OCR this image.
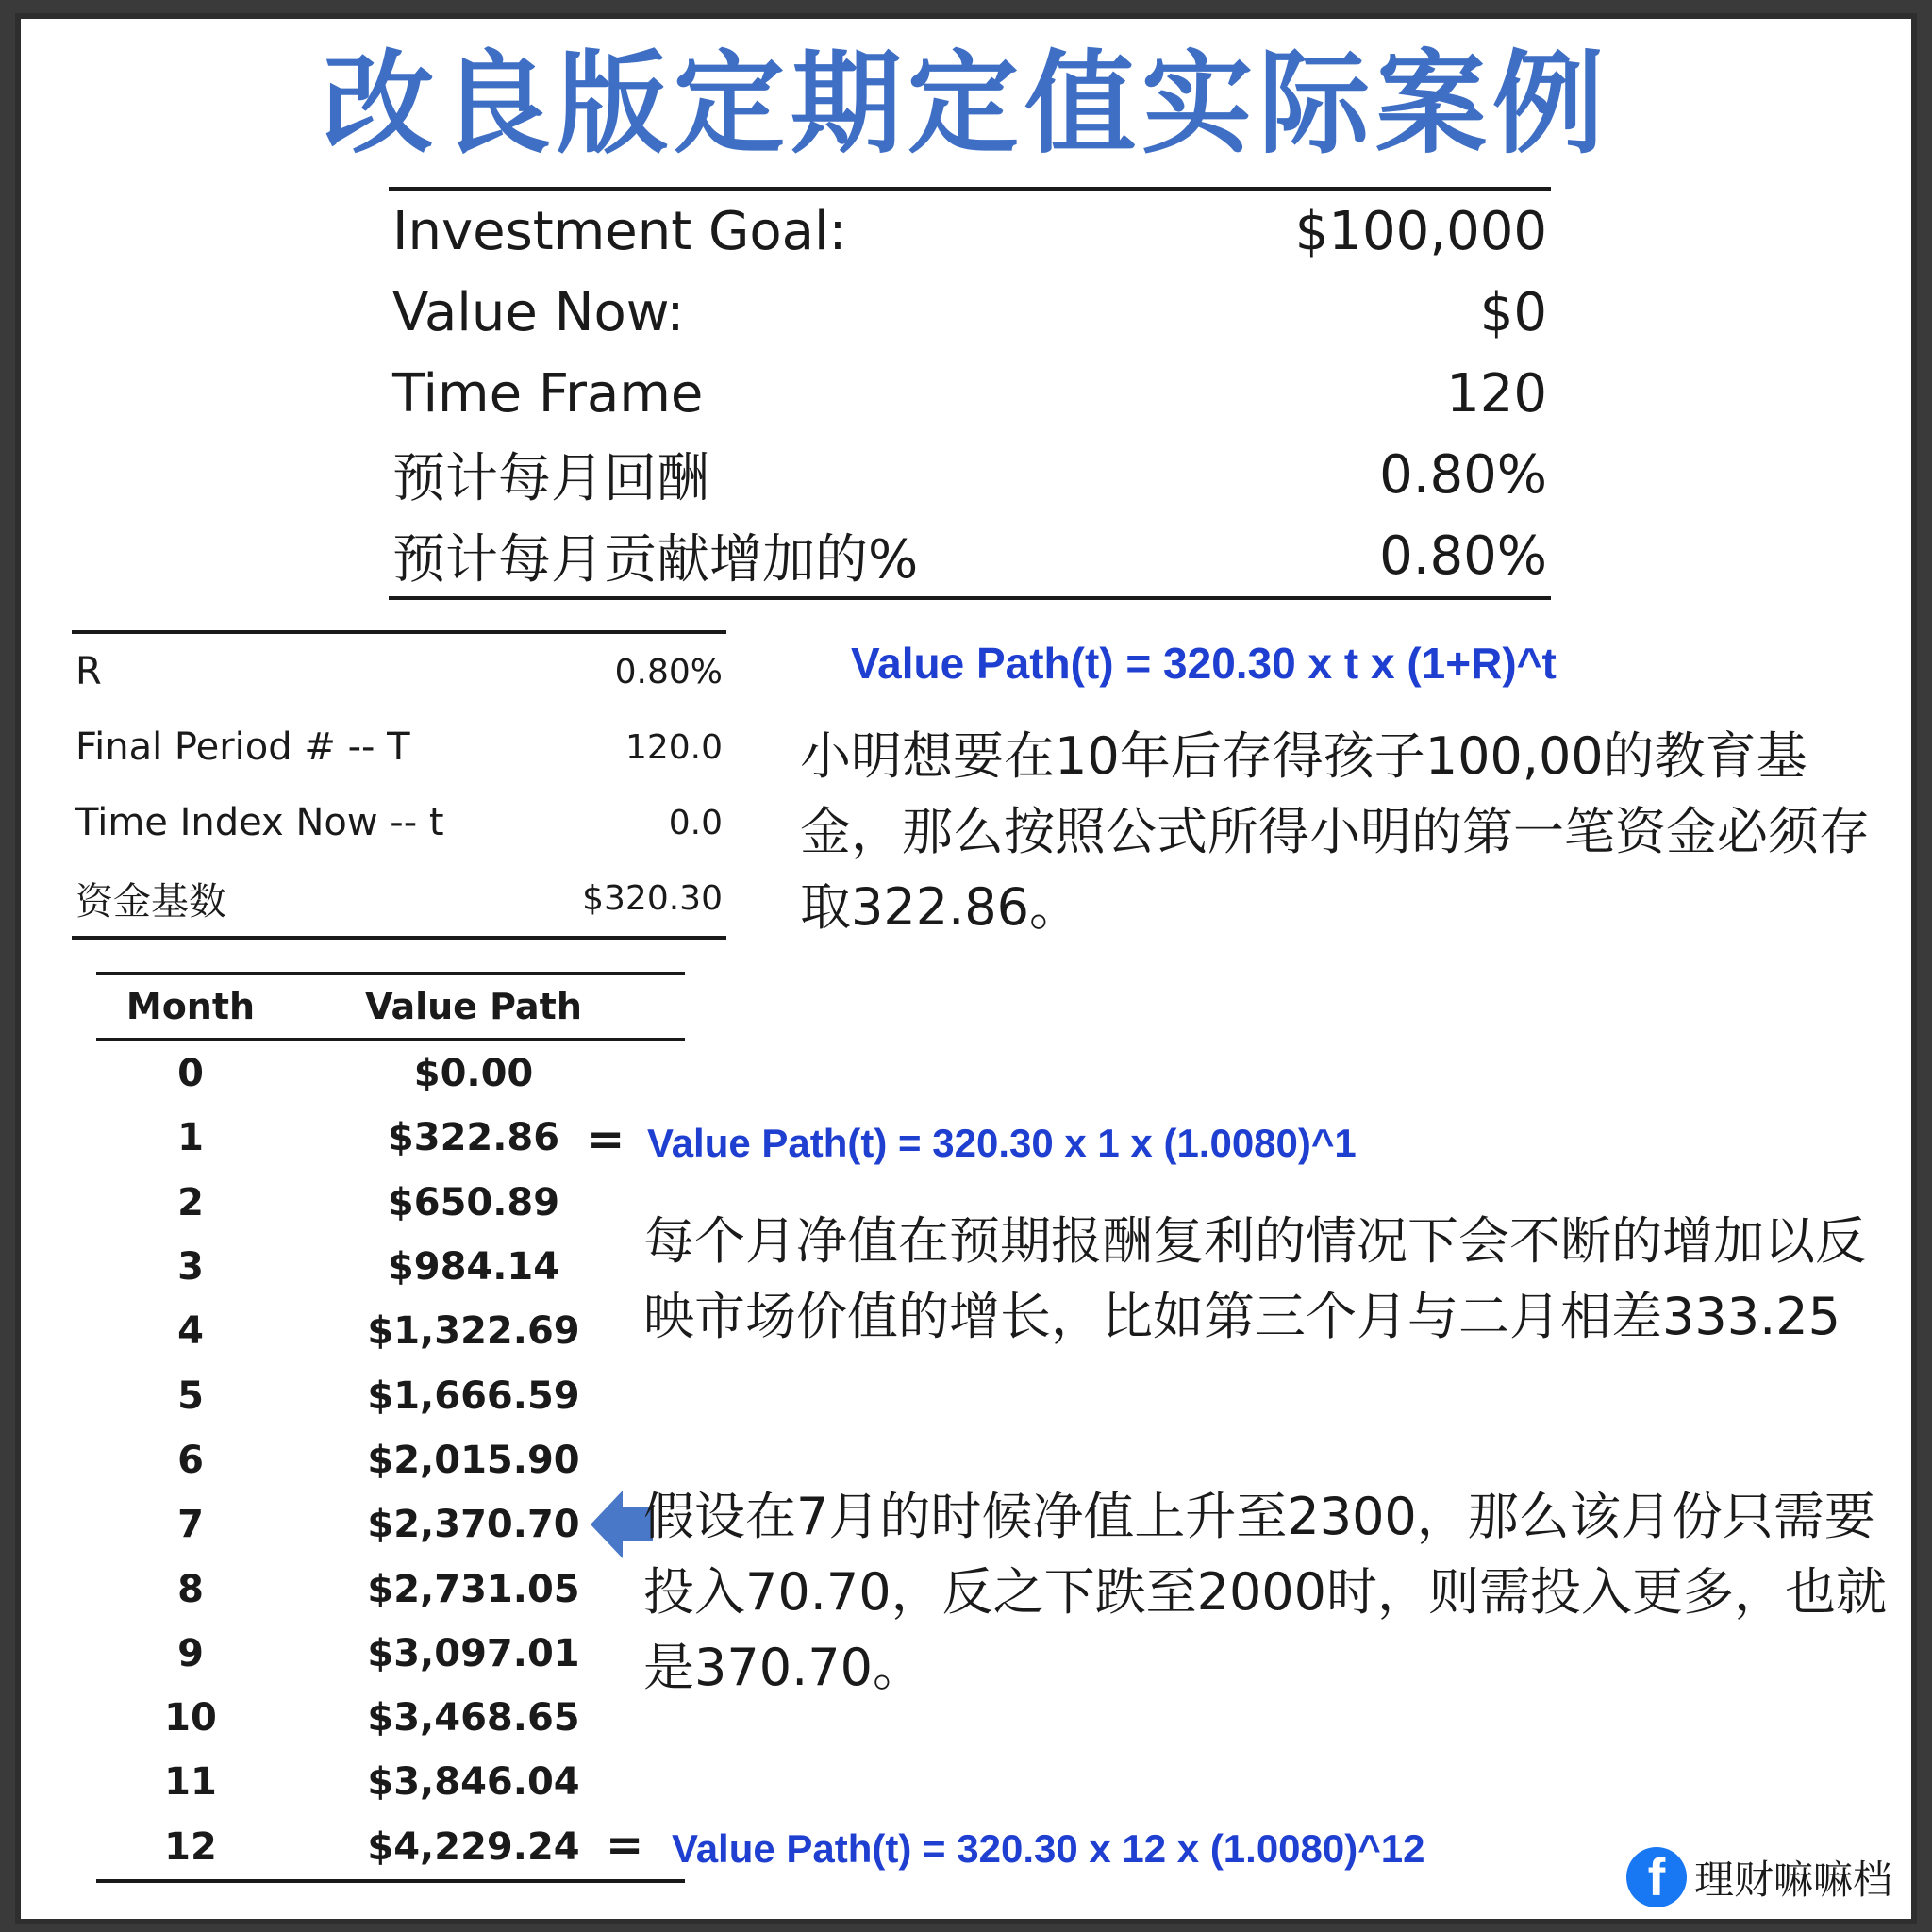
改良版定期定值实际案例
Investment Goal:	$100,000
Value Now:	$0
Time Frame	120
预计每月回酬	0.80%
预计每月贡献增加的%	0.80%
R	0.80%
Final Period # -- T	120.0
Time Index Now -- t	0.0
资金基数	$320.30
Value Path(t) = 320.30 x t x (1+R)^t
小明想要在10年后存得孩子100,00的教育基金，那么按照公式所得小明的第一笔资金必须存取322.86。
Month	Value Path
0	$0.00
1	$322.86
2	$650.89
3	$984.14
4	$1,322.69
5	$1,666.59
6	$2,015.90
7	$2,370.70
8	$2,731.05
9	$3,097.01
10	$3,468.65
11	$3,846.04
12	$4,229.24
= Value Path(t) = 320.30 x 1 x (1.0080)^1
每个月净值在预期报酬复利的情况下会不断的增加以反映市场价值的增长，比如第三个月与二月相差333.25
假设在7月的时候净值上升至2300，那么该月份只需要投入70.70，反之下跌至2000时，则需投入更多，也就是370.70。
= Value Path(t) = 320.30 x 12 x (1.0080)^12	f 理财嘛嘛档
